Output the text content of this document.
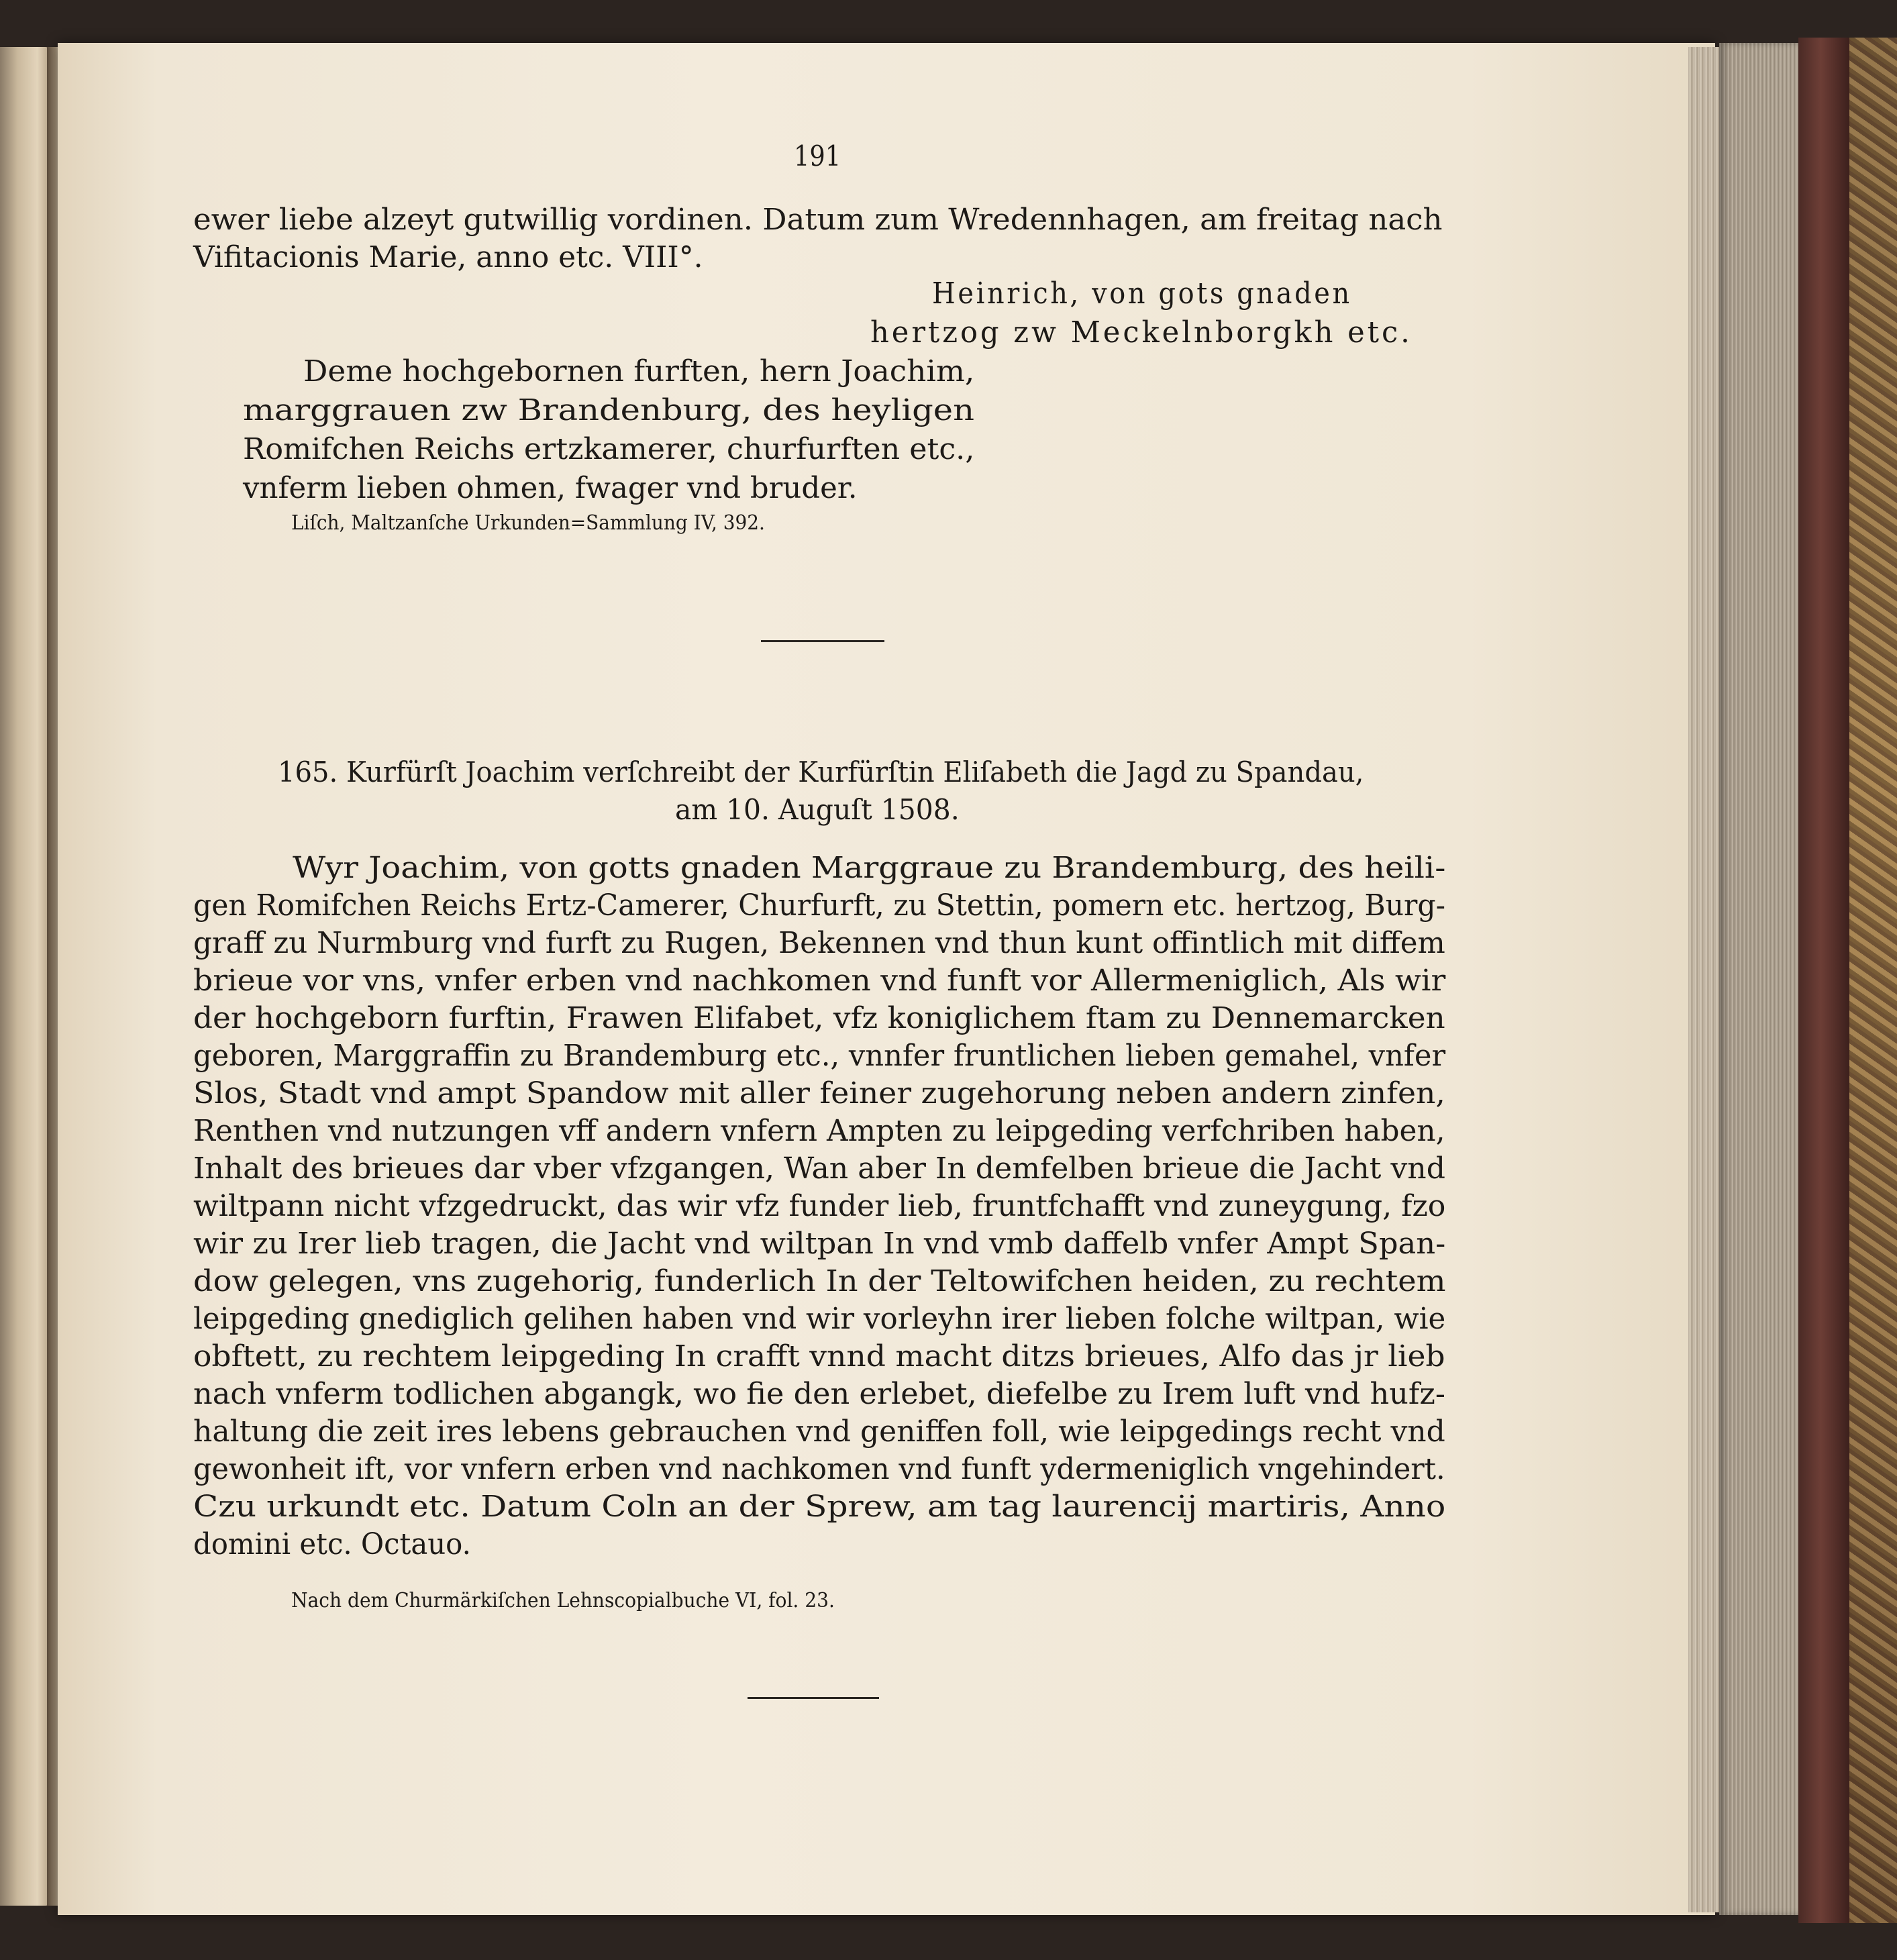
191

ewer liebe alzeyt gutwillig vordinen. Datum zum Wredennhagen, am freitag nach

Vifitacionis Marie, anno etc. VIII°.

Heinrich, von gots gnaden

hertzog zw Meckelnborgkh etc.

Deme hochgebornen furften, hern Joachim,

marggrauen zw Brandenburg, des heyligen

Romifchen Reichs ertzkamerer, churfurften etc.,

vnferm lieben ohmen, fwager vnd bruder.

Liſch, Maltzanſche Urkunden=Sammlung IV, 392.

165. Kurfürſt Joachim verſchreibt der Kurfürſtin Eliſabeth die Jagd zu Spandau,

am 10. Auguſt 1508.

Wyr Joachim, von gotts gnaden Marggraue zu Brandemburg, des heili-

gen Romifchen Reichs Ertz-Camerer, Churfurft, zu Stettin, pomern etc. hertzog, Burg-

graff zu Nurmburg vnd furft zu Rugen, Bekennen vnd thun kunt offintlich mit diffem

brieue vor vns, vnfer erben vnd nachkomen vnd funft vor Allermeniglich, Als wir

der hochgeborn furftin, Frawen Elifabet, vfz koniglichem ftam zu Dennemarcken

geboren, Marggraffin zu Brandemburg etc., vnnfer fruntlichen lieben gemahel, vnfer

Slos, Stadt vnd ampt Spandow mit aller feiner zugehorung neben andern zinfen,

Renthen vnd nutzungen vff andern vnfern Ampten zu leipgeding verfchriben haben,

Inhalt des brieues dar vber vfzgangen, Wan aber In demfelben brieue die Jacht vnd

wiltpann nicht vfzgedruckt, das wir vfz funder lieb, fruntfchafft vnd zuneygung, fzo

wir zu Irer lieb tragen, die Jacht vnd wiltpan In vnd vmb daffelb vnfer Ampt Span-

dow gelegen, vns zugehorig, funderlich In der Teltowifchen heiden, zu rechtem

leipgeding gnediglich gelihen haben vnd wir vorleyhn irer lieben folche wiltpan, wie

obftett, zu rechtem leipgeding In crafft vnnd macht ditzs brieues, Alfo das jr lieb

nach vnferm todlichen abgangk, wo fie den erlebet, diefelbe zu Irem luft vnd hufz-

haltung die zeit ires lebens gebrauchen vnd geniffen foll, wie leipgedings recht vnd

gewonheit ift, vor vnfern erben vnd nachkomen vnd funft ydermeniglich vngehindert.

Czu urkundt etc. Datum Coln an der Sprew, am tag laurencij martiris, Anno

domini etc. Octauo.

Nach dem Churmärkiſchen Lehnscopialbuche VI, fol. 23.
